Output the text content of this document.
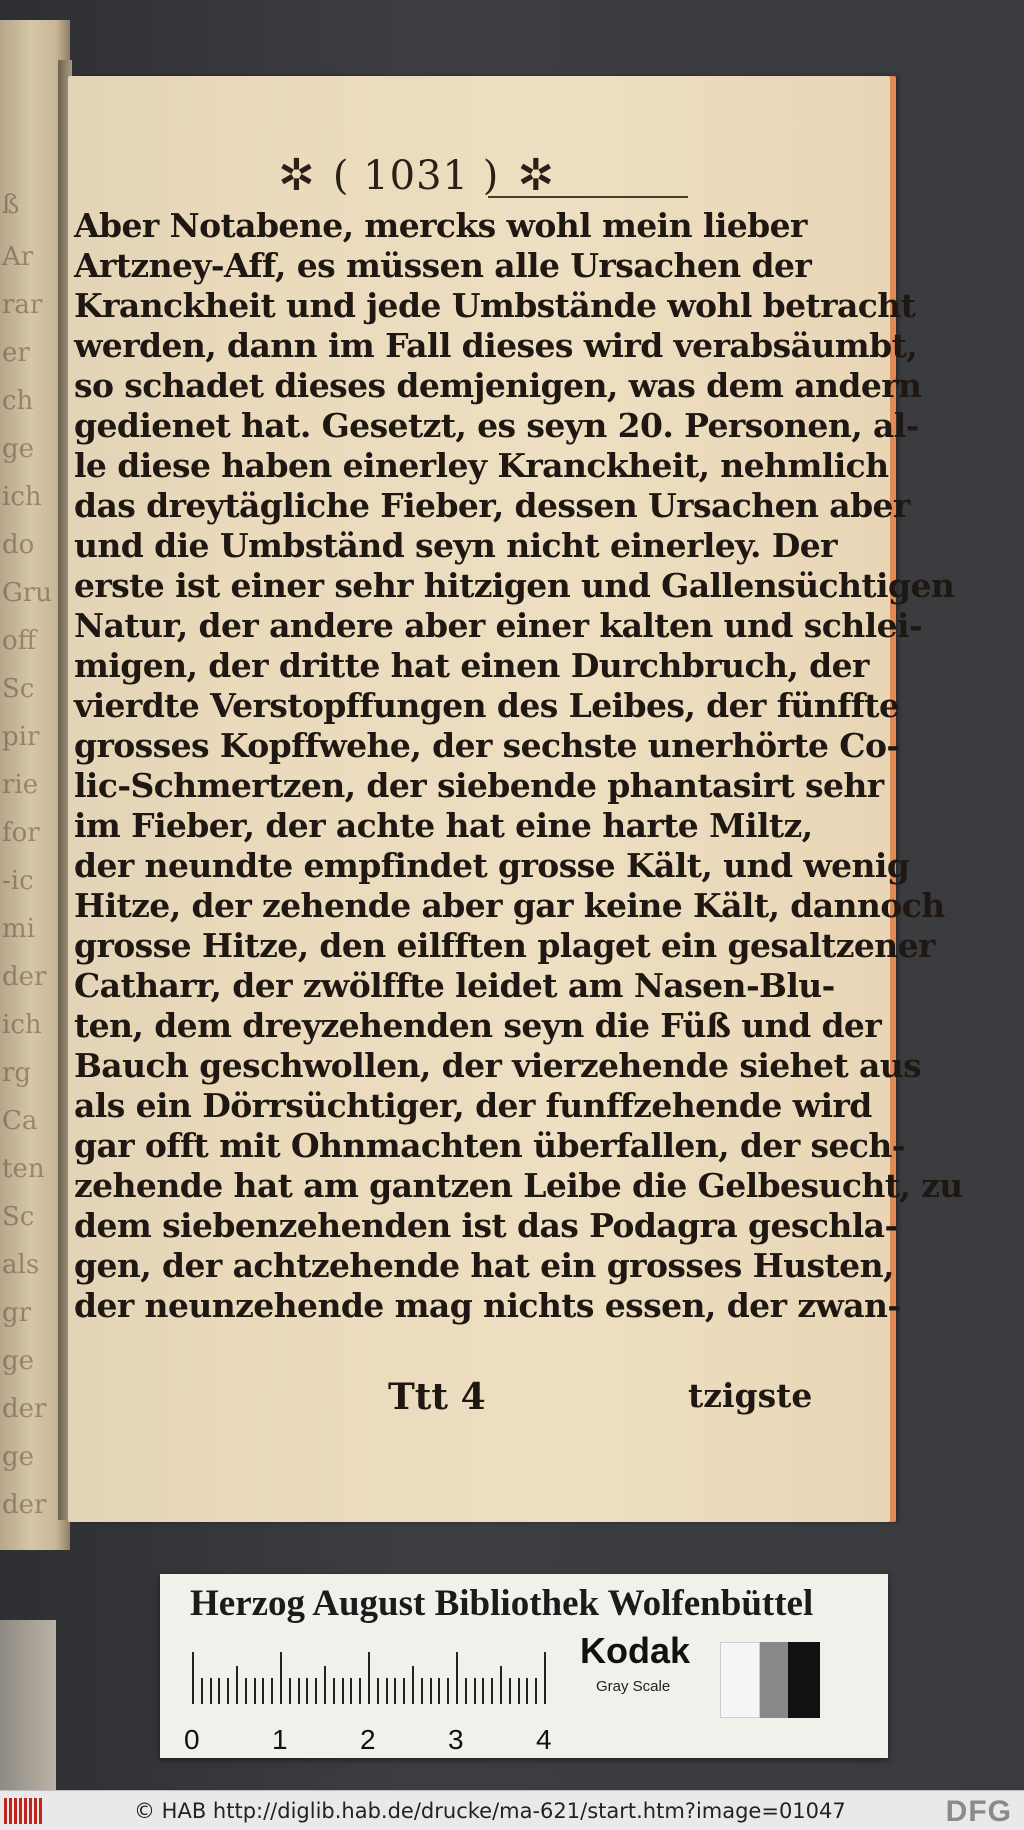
ß
Ar
rar
er
ch
ge
ich
do
Gru
off
Sc
pir
rie
for
-ic
mi
der
ich
rg
Ca
ten
Sc
als
gr
ge
der
ge
der
✲ ( 1031 ) ✲
Aber Notabene, mercks wohl mein lieber
Artzney-Aff, es müssen alle Ursachen der
Kranckheit und jede Umbstände wohl betracht
werden, dann im Fall dieses wird verabsäumbt,
so schadet dieses demjenigen, was dem andern
gedienet hat. Gesetzt, es seyn 20. Personen, al-
le diese haben einerley Kranckheit, nehmlich
das dreytägliche Fieber, dessen Ursachen aber
und die Umbständ seyn nicht einerley. Der
erste ist einer sehr hitzigen und Gallensüchtigen
Natur, der andere aber einer kalten und schlei-
migen, der dritte hat einen Durchbruch, der
vierdte Verstopffungen des Leibes, der fünffte
grosses Kopffwehe, der sechste unerhörte Co-
lic-Schmertzen, der siebende phantasirt sehr
im Fieber, der achte hat eine harte Miltz,
der neundte empfindet grosse Kält, und wenig
Hitze, der zehende aber gar keine Kält, dannoch
grosse Hitze, den eilfften plaget ein gesaltzener
Catharr, der zwölffte leidet am Nasen-Blu-
ten, dem dreyzehenden seyn die Füß und der
Bauch geschwollen, der vierzehende siehet aus
als ein Dörrsüchtiger, der funffzehende wird
gar offt mit Ohnmachten überfallen, der sech-
zehende hat am gantzen Leibe die Gelbesucht, zu
dem siebenzehenden ist das Podagra geschla-
gen, der achtzehende hat ein grosses Husten,
der neunzehende mag nichts essen, der zwan-
Ttt 4	tzigste
Herzog August Bibliothek Wolfenbüttel
0	1	2	3	4
Kodak
Gray Scale
© HAB http://diglib.hab.de/drucke/ma-621/start.htm?image=01047	DFG
